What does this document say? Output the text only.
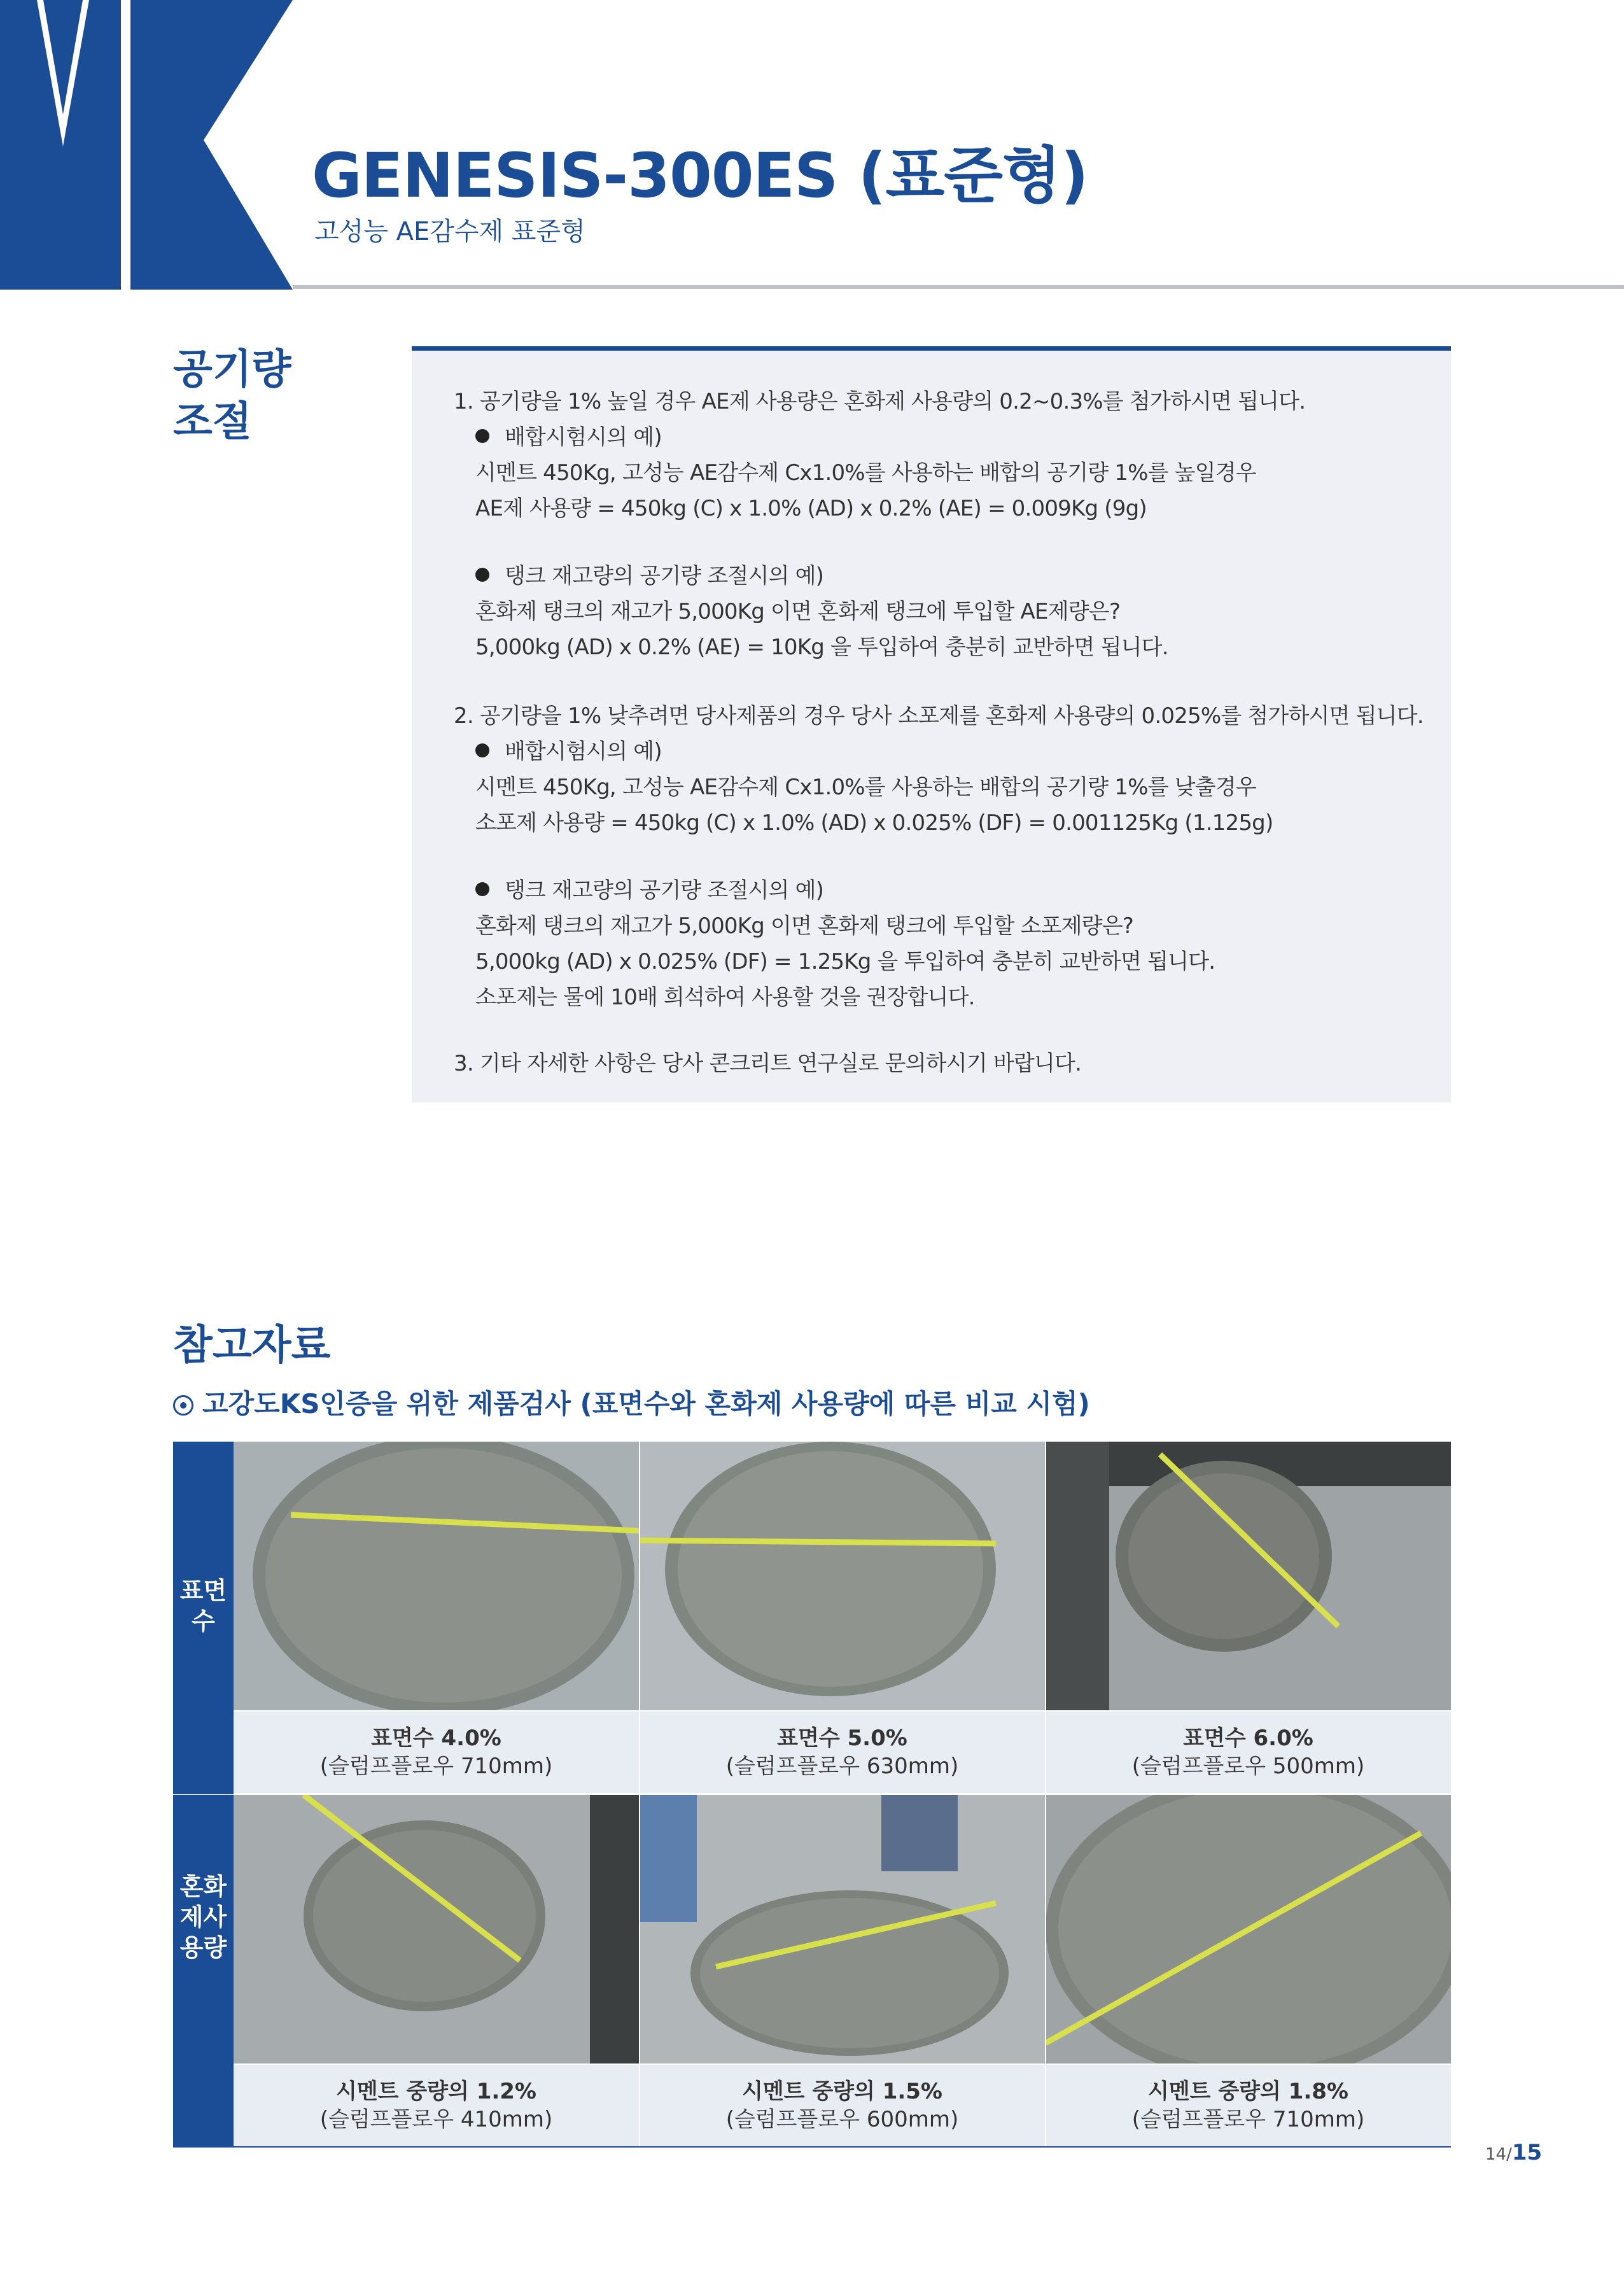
GENESIS-300ES (표준형)
고성능 AE감수제 표준형
공기량
조절	1. 공기량을 1% 높일 경우 AE제 사용량은 혼화제 사용량의 0.2~0.3%를 첨가하시면 됩니다.
배합시험시의 예)
시멘트 450Kg, 고성능 AE감수제 Cx1.0%를 사용하는 배합의 공기량 1%를 높일경우
AE제 사용량 = 450kg (C) x 1.0% (AD) x 0.2% (AE) = 0.009Kg (9g)
탱크 재고량의 공기량 조절시의 예)
혼화제 탱크의 재고가 5,000Kg 이면 혼화제 탱크에 투입할 AE제량은?
5,000kg (AD) x 0.2% (AE) = 10Kg 을 투입하여 충분히 교반하면 됩니다.
2. 공기량을 1% 낮추려면 당사제품의 경우 당사 소포제를 혼화제 사용량의 0.025%를 첨가하시면 됩니다.
배합시험시의 예)
시멘트 450Kg, 고성능 AE감수제 Cx1.0%를 사용하는 배합의 공기량 1%를 낮출경우
소포제 사용량 = 450kg (C) x 1.0% (AD) x 0.025% (DF) = 0.001125Kg (1.125g)
탱크 재고량의 공기량 조절시의 예)
혼화제 탱크의 재고가 5,000Kg 이면 혼화제 탱크에 투입할 소포제량은?
5,000kg (AD) x 0.025% (DF) = 1.25Kg 을 투입하여 충분히 교반하면 됩니다.
소포제는 물에 10배 희석하여 사용할 것을 권장합니다.
3. 기타 자세한 사항은 당사 콘크리트 연구실로 문의하시기 바랍니다.
참고자료
고강도KS인증을 위한 제품검사 (표면수와 혼화제 사용량에 따른 비교 시험)
표면수
혼화제사용량
표면수 4.0%
(슬럼프플로우 710mm)
표면수 5.0%
(슬럼프플로우 630mm)
표면수 6.0%
(슬럼프플로우 500mm)
시멘트 중량의 1.2%
(슬럼프플로우 410mm)
시멘트 중량의 1.5%
(슬럼프플로우 600mm)
시멘트 중량의 1.8%
(슬럼프플로우 710mm)
14/15
